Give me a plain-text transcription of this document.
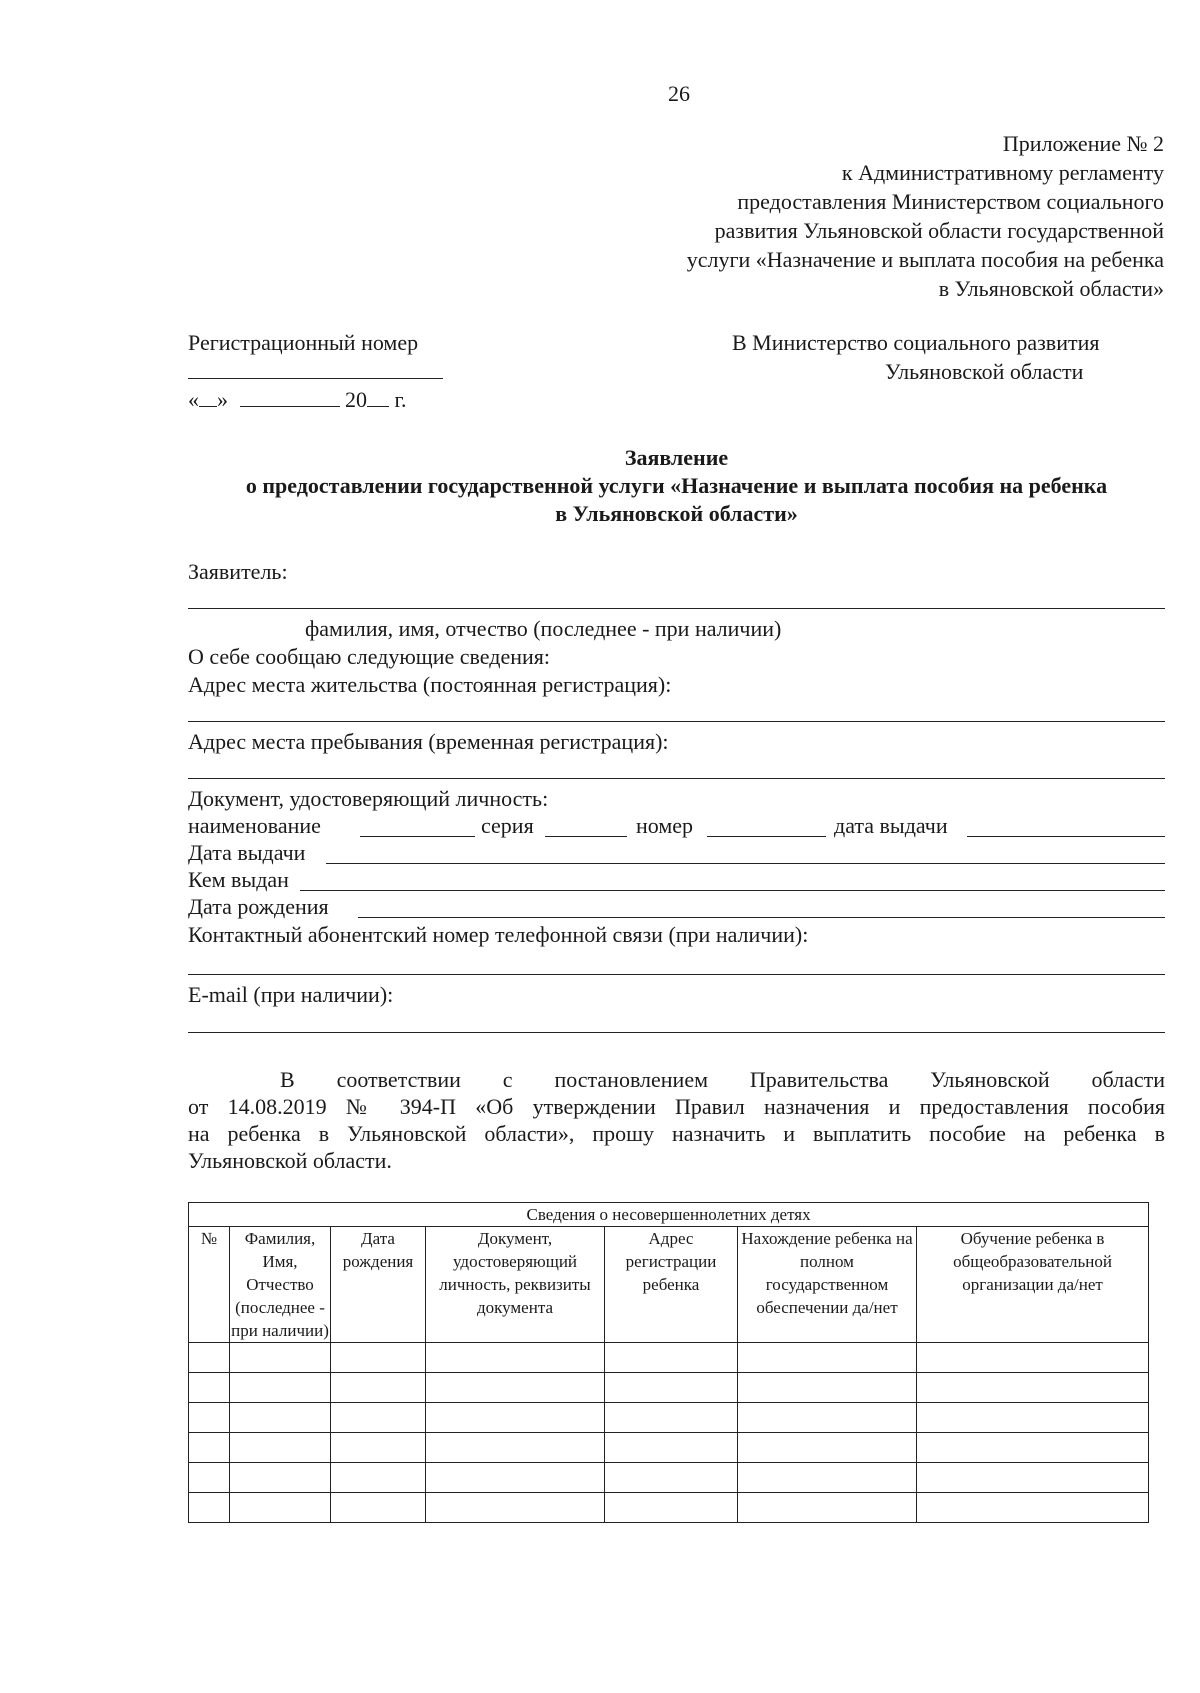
26
Приложение № 2
к Административному регламенту
предоставления Министерством социального
развития Ульяновской области государственной
услуги «Назначение и выплата пособия на ребенка
в Ульяновской области»
Регистрационный номер
« »	20 г.
В Министерство социального развития
Ульяновской области
Заявление
о предоставлении государственной услуги «Назначение и выплата пособия на ребенка
в Ульяновской области»
Заявитель:
фамилия, имя, отчество (последнее - при наличии)
О себе сообщаю следующие сведения:
Адрес места жительства (постоянная регистрация):
Адрес места пребывания (временная регистрация):
Документ, удостоверяющий личность:
наименование	серия	номер	дата выдачи
Дата выдачи
Кем выдан
Дата рождения
Контактный абонентский номер телефонной связи (при наличии):
E-mail (при наличии):
В соответствии с постановлением Правительства Ульяновской области
от 14.08.2019 № 394-П «Об утверждении Правил назначения и предоставления пособия
на ребенка в Ульяновской области», прошу назначить и выплатить пособие на ребенка в
Ульяновской области.
Сведения о несовершеннолетних детях						
№	Фамилия, Имя, Отчество (последнее - при наличии)	Дата рождения	Документ, удостоверяющий личность, реквизиты документа	Адрес регистрации ребенка	Нахождение ребенка на полном государственном обеспечении да/нет	Обучение ребенка в общеобразовательной организации да/нет
